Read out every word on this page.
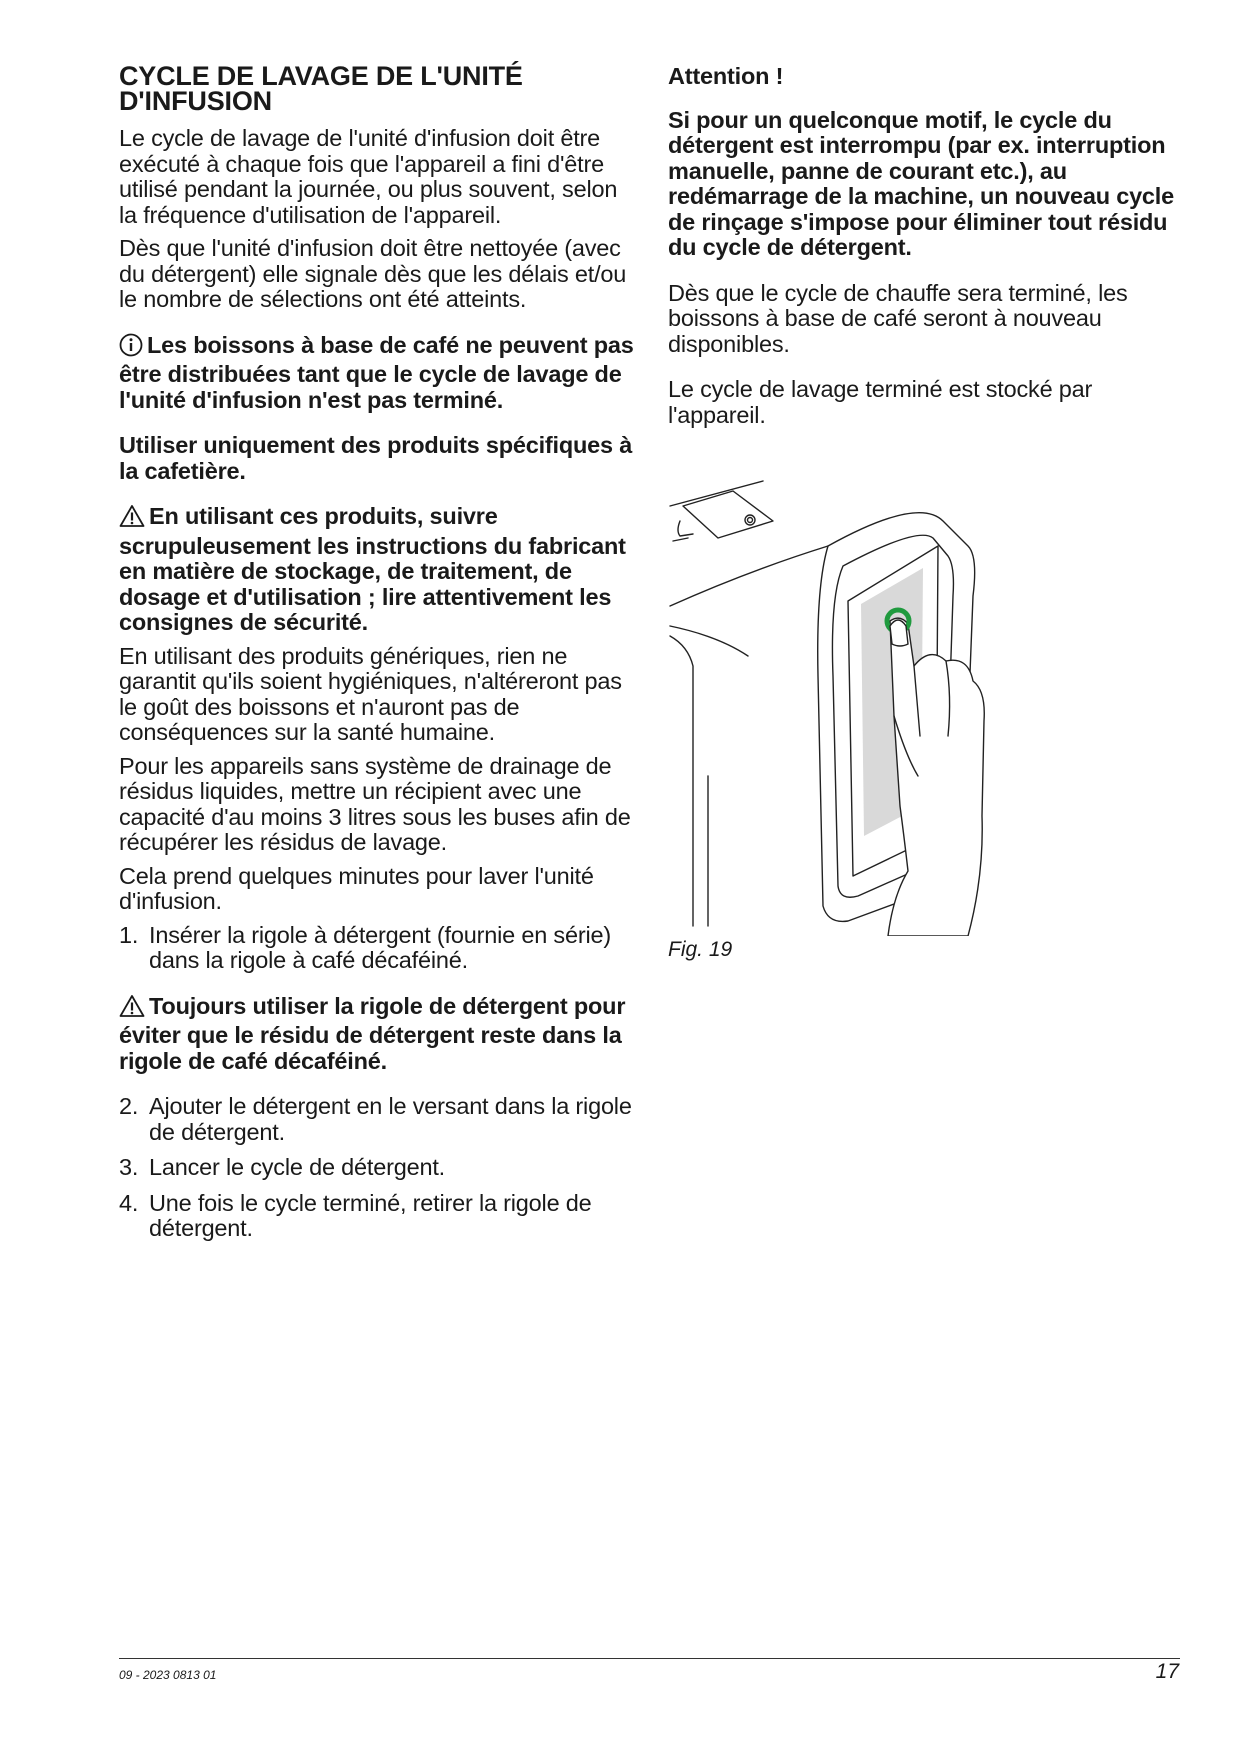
CYCLE DE LAVAGE DE L'UNITÉ
D'INFUSION

Le cycle de lavage de l'unité d'infusion doit être exécuté à chaque fois que l'appareil a fini d'être utilisé pendant la journée, ou plus souvent, selon la fréquence d'utilisation de l'appareil.

Dès que l'unité d'infusion doit être nettoyée (avec du détergent) elle signale dès que les délais et/ou le nombre de sélections ont été atteints.

Les boissons à base de café ne peuvent pas être distribuées tant que le cycle de lavage de l'unité d'infusion n'est pas terminé.

Utiliser uniquement des produits spécifiques à la cafetière.

En utilisant ces produits, suivre scrupuleusement les instructions du fabricant en matière de stockage, de traitement, de dosage et d'utilisation ; lire attentivement les consignes de sécurité.

En utilisant des produits génériques, rien ne garantit qu'ils soient hygiéniques, n'altéreront pas le goût des boissons et n'auront pas de conséquences sur la santé humaine.

Pour les appareils sans système de drainage de résidus liquides, mettre un récipient avec une capacité d'au moins 3 litres sous les buses afin de récupérer les résidus de lavage.

Cela prend quelques minutes pour laver l'unité d'infusion.

1. Insérer la rigole à détergent (fournie en série) dans la rigole à café décaféiné.

Toujours utiliser la rigole de détergent pour éviter que le résidu de détergent reste dans la rigole de café décaféiné.

2. Ajouter le détergent en le versant dans la rigole de détergent.
3. Lancer le cycle de détergent.
4. Une fois le cycle terminé, retirer la rigole de détergent.

Attention !

Si pour un quelconque motif, le cycle du détergent est interrompu (par ex. interruption manuelle, panne de courant etc.), au redémarrage de la machine, un nouveau cycle de rinçage s'impose pour éliminer tout résidu du cycle de détergent.

Dès que le cycle de chauffe sera terminé, les boissons à base de café seront à nouveau disponibles.

Le cycle de lavage terminé est stocké par l'appareil.

Fig. 19
09 - 2023 0813 01	17
